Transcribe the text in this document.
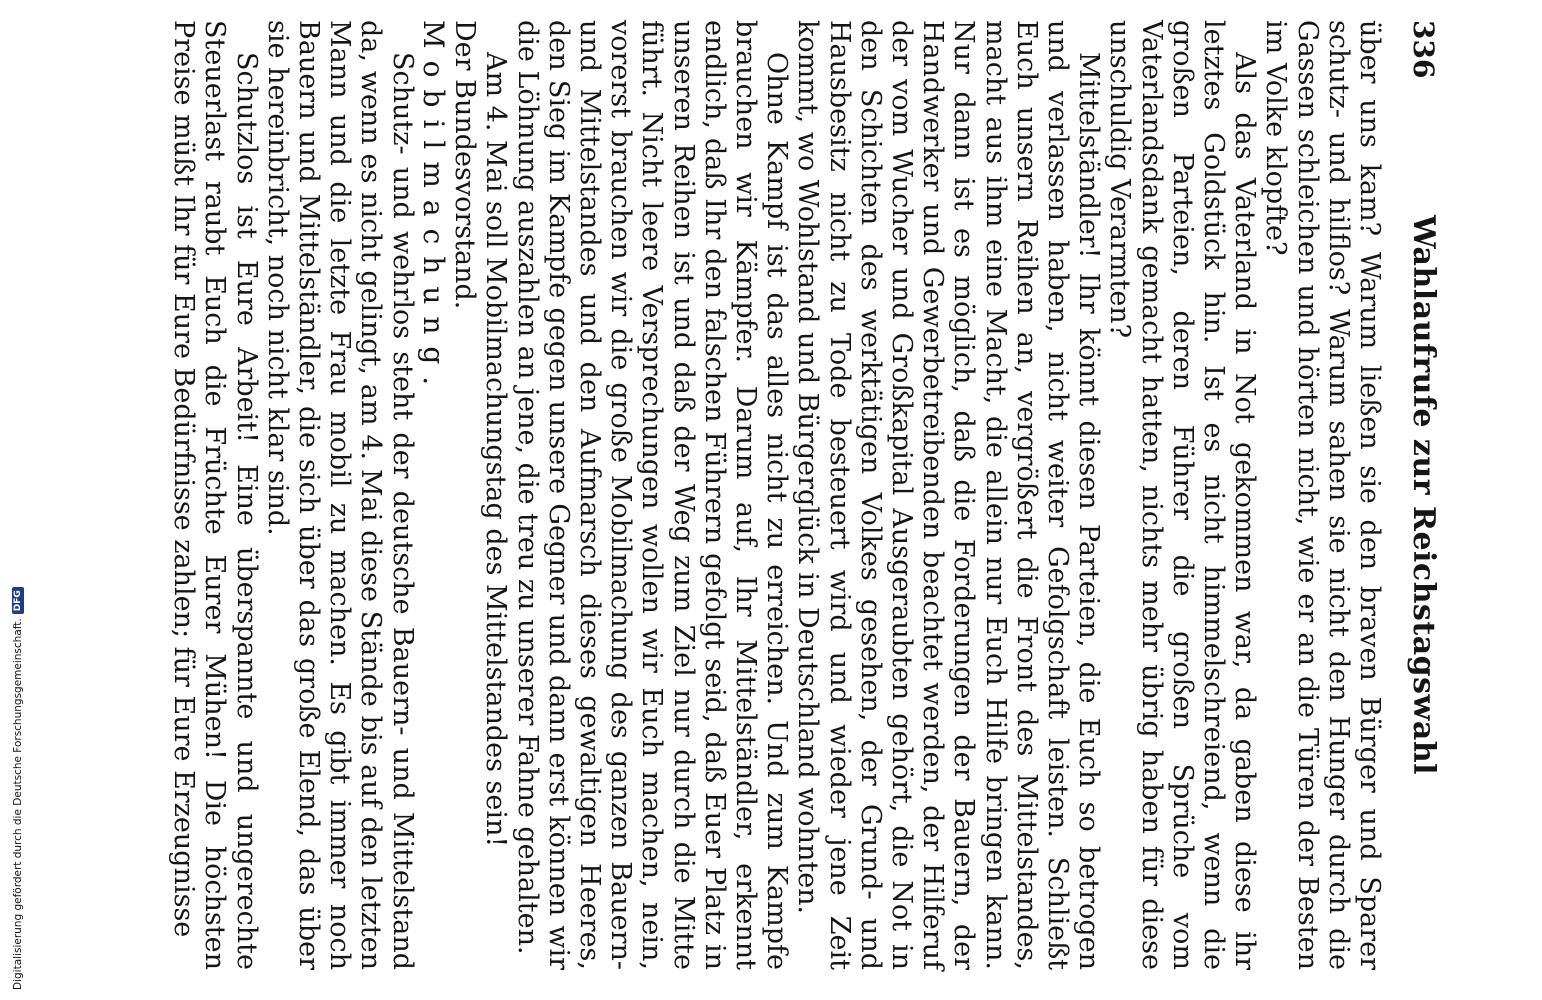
336
Wahlaufrufe zur Reichstagswahl

über uns kam? Warum ließen sie den braven Bürger und Sparer schutz- und hilflos? Warum sahen sie nicht den Hunger durch die Gassen schleichen und hörten nicht, wie er an die Türen der Besten im Volke klopfte?

Als das Vaterland in Not gekommen war, da gaben diese ihr letztes Goldstück hin. Ist es nicht himmelschreiend, wenn die großen Parteien, deren Führer die großen Sprüche vom Vaterlandsdank gemacht hatten, nichts mehr übrig haben für diese unschuldig Verarmten?

Mittelständler! Ihr könnt diesen Parteien, die Euch so betrogen und verlassen haben, nicht weiter Gefolgschaft leisten. Schließt Euch unsern Reihen an, vergrößert die Front des Mittelstandes, macht aus ihm eine Macht, die allein nur Euch Hilfe bringen kann. Nur dann ist es möglich, daß die Forderungen der Bauern, der Handwerker und Gewerbetreibenden beachtet werden, der Hilferuf der vom Wucher und Großkapital Ausgeraubten gehört, die Not in den Schichten des werktätigen Volkes gesehen, der Grund- und Hausbesitz nicht zu Tode besteuert wird und wieder jene Zeit kommt, wo Wohlstand und Bürgerglück in Deutschland wohnten.

Ohne Kampf ist das alles nicht zu erreichen. Und zum Kampfe brauchen wir Kämpfer. Darum auf, Ihr Mittelständler, erkennt endlich, daß Ihr den falschen Führern gefolgt seid, daß Euer Platz in unseren Reihen ist und daß der Weg zum Ziel nur durch die Mitte führt. Nicht leere Versprechungen wollen wir Euch machen, nein, vorerst brauchen wir die große Mobilmachung des ganzen Bauern- und Mittelstandes und den Aufmarsch dieses gewaltigen Heeres, den Sieg im Kampfe gegen unsere Gegner und dann erst können wir die Löhnung auszahlen an jene, die treu zu unserer Fahne gehalten.

Am 4. Mai soll Mobilmachungstag des Mittelstandes sein!

Der Bundesvorstand.

Mobilmachung.

Schutz- und wehrlos steht der deutsche Bauern- und Mittelstand da, wenn es nicht gelingt, am 4. Mai diese Stände bis auf den letzten Mann und die letzte Frau mobil zu machen. Es gibt immer noch Bauern und Mittelständler, die sich über das große Elend, das über sie hereinbricht, noch nicht klar sind.

Schutzlos ist Eure Arbeit! Eine überspannte und ungerechte Steuerlast raubt Euch die Früchte Eurer Mühen! Die höchsten Preise müßt Ihr für Eure Bedürfnisse zahlen; für Eure Erzeugnisse

Digitalisierung gefördert durch die Deutsche Forschungsgemeinschaft.
DFG
